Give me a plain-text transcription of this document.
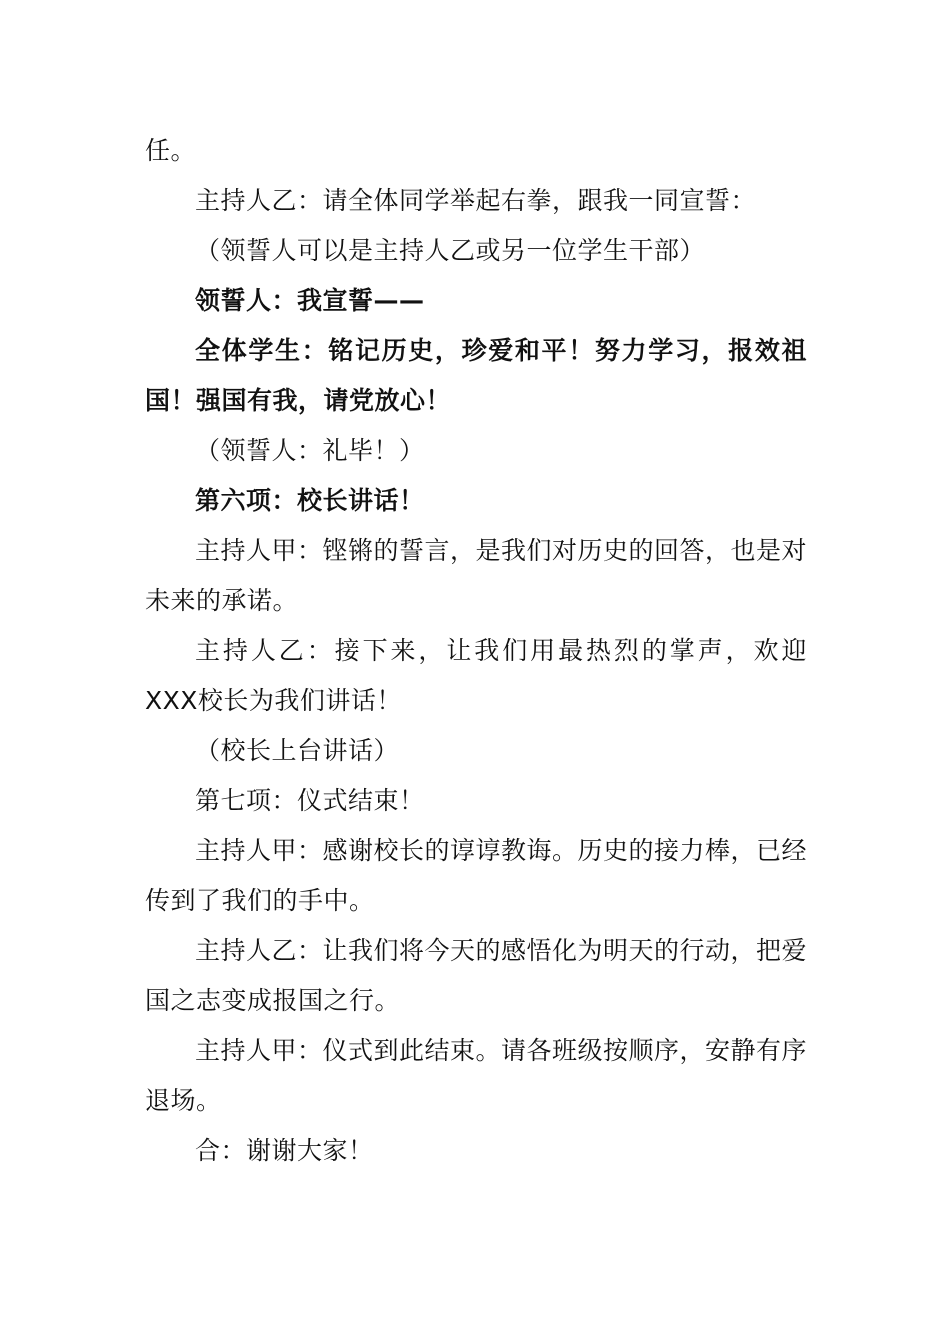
任。

主持人乙：请全体同学举起右拳，跟我一同宣誓：

（领誓人可以是主持人乙或另一位学生干部）

领誓人：我宣誓——

全体学生：铭记历史，珍爱和平！努力学习，报效祖国！强国有我，请党放心！

（领誓人：礼毕！）

第六项：校长讲话！

主持人甲：铿锵的誓言，是我们对历史的回答，也是对未来的承诺。

主持人乙：接下来，让我们用最热烈的掌声，欢迎XXX校长为我们讲话！

（校长上台讲话）

第七项：仪式结束！

主持人甲：感谢校长的谆谆教诲。历史的接力棒，已经传到了我们的手中。

主持人乙：让我们将今天的感悟化为明天的行动，把爱国之志变成报国之行。

主持人甲：仪式到此结束。请各班级按顺序，安静有序退场。

合：谢谢大家！
